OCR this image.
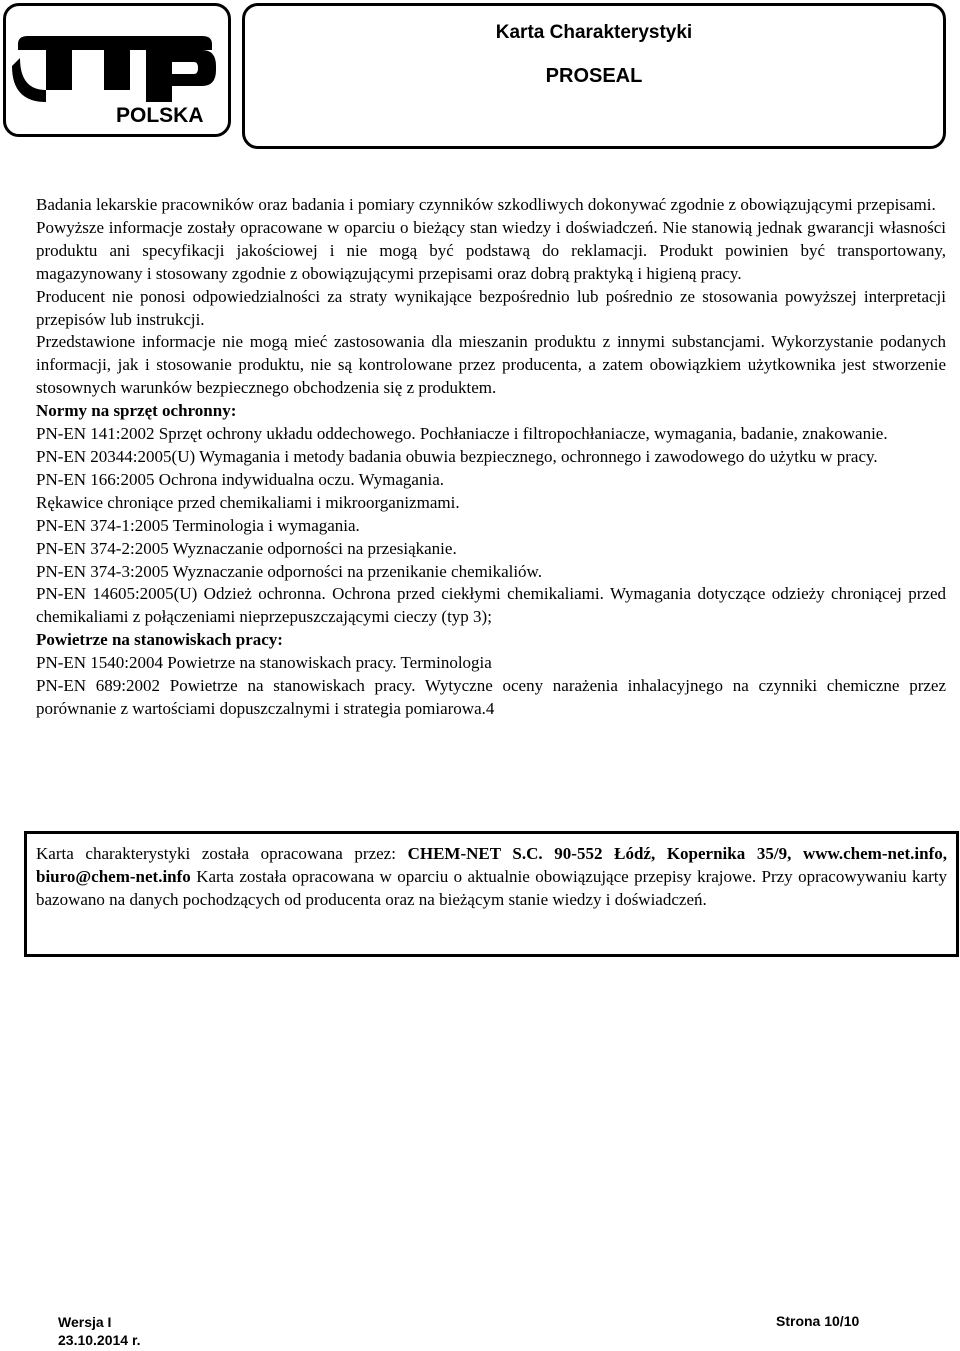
POLSKA
Karta Charakterystyki
PROSEAL

Badania lekarskie pracowników oraz badania i pomiary czynników szkodliwych dokonywać zgodnie z obowiązującymi przepisami.

Powyższe informacje zostały opracowane w oparciu o bieżący stan wiedzy i doświadczeń. Nie stanowią jednak gwarancji własności produktu ani specyfikacji jakościowej i nie mogą być podstawą do reklamacji. Produkt powinien być transportowany, magazynowany i stosowany zgodnie z obowiązującymi przepisami oraz dobrą praktyką i higieną pracy.

Producent nie ponosi odpowiedzialności za straty wynikające bezpośrednio lub pośrednio ze stosowania powyższej interpretacji przepisów lub instrukcji.

Przedstawione informacje nie mogą mieć zastosowania dla mieszanin produktu z innymi substancjami. Wykorzystanie podanych informacji, jak i stosowanie produktu, nie są kontrolowane przez producenta, a zatem obowiązkiem użytkownika jest stworzenie stosownych warunków bezpiecznego obchodzenia się z produktem.

Normy na sprzęt ochronny:

PN-EN 141:2002 Sprzęt ochrony układu oddechowego. Pochłaniacze i filtropochłaniacze, wymagania, badanie, znakowanie.

PN-EN 20344:2005(U) Wymagania i metody badania obuwia bezpiecznego, ochronnego i zawodowego do użytku w pracy.

PN-EN 166:2005 Ochrona indywidualna oczu. Wymagania.

Rękawice chroniące przed chemikaliami i mikroorganizmami.

PN-EN 374-1:2005 Terminologia i wymagania.

PN-EN 374-2:2005 Wyznaczanie odporności na przesiąkanie.

PN-EN 374-3:2005 Wyznaczanie odporności na przenikanie chemikaliów.

PN-EN 14605:2005(U) Odzież ochronna. Ochrona przed ciekłymi chemikaliami. Wymagania dotyczące odzieży chroniącej przed chemikaliami z połączeniami nieprzepuszczającymi cieczy (typ 3);

Powietrze na stanowiskach pracy:

PN-EN 1540:2004 Powietrze na stanowiskach pracy. Terminologia

PN-EN 689:2002 Powietrze na stanowiskach pracy. Wytyczne oceny narażenia inhalacyjnego na czynniki chemiczne przez porównanie z wartościami dopuszczalnymi i strategia pomiarowa.4

Karta charakterystyki została opracowana przez: CHEM-NET S.C. 90-552 Łódź, Kopernika 35/9, www.chem-net.info, biuro@chem-net.info Karta została opracowana w oparciu o aktualnie obowiązujące przepisy krajowe. Przy opracowywaniu karty bazowano na danych pochodzących od producenta oraz na bieżącym stanie wiedzy i doświadczeń.
Wersja I
23.10.2014 r.
Strona 10/10
